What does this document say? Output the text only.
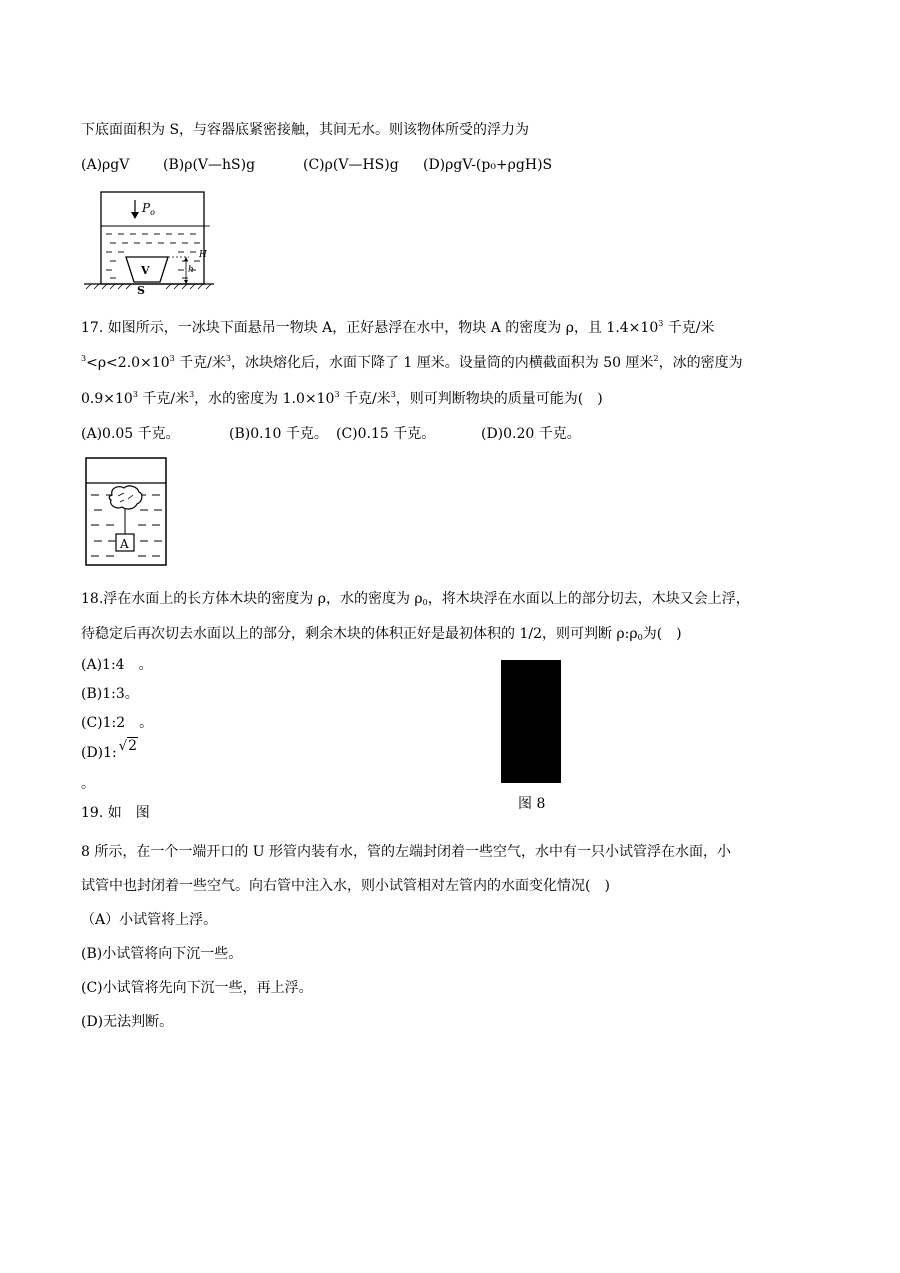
下底面面积为 S，与容器底紧密接触，其间无水。则该物体所受的浮力为
(A)ρgV (B)ρ(V—hS)g	(C)ρ(V—HS)g (D)ρgV-(p₀+ρgH)S
$P_o$
V
S
H
h
17. 如图所示，一冰块下面悬吊一物块 A，正好悬浮在水中，物块 A 的密度为 ρ，且 $1.4\times 10^3$ 千克/米
$^3<\rho<2.0\times 10^3$ 千克/米$^3$，冰块熔化后，水面下降了 1 厘米。设量筒的内横截面积为 50 厘米$^2$，冰的密度为
$0.9\times 10^3$ 千克/米$^3$，水的密度为 $1.0\times 10^3$ 千克/米$^3$，则可判断物块的质量可能为(　)
(A)0.05 千克。	(B)0.10 千克。 (C)0.15 千克。	(D)0.20 千克。
A
18.浮在水面上的长方体木块的密度为 ρ，水的密度为 $\rho_0$，将木块浮在水面以上的部分切去，木块又会上浮，
待稳定后再次切去水面以上的部分，剩余木块的体积正好是最初体积的 1/2，则可判断 $\rho:\rho_0$为(　)
(A)1:4　。
(B)1:3。
(C)1:2　。
(D)1: √2
。
图 8
19. 如　图
8 所示，在一个一端开口的 U 形管内装有水，管的左端封闭着一些空气，水中有一只小试管浮在水面，小
试管中也封闭着一些空气。向右管中注入水，则小试管相对左管内的水面变化情况(　)
（A）小试管将上浮。
(B)小试管将向下沉一些。
(C)小试管将先向下沉一些，再上浮。
(D)无法判断。
